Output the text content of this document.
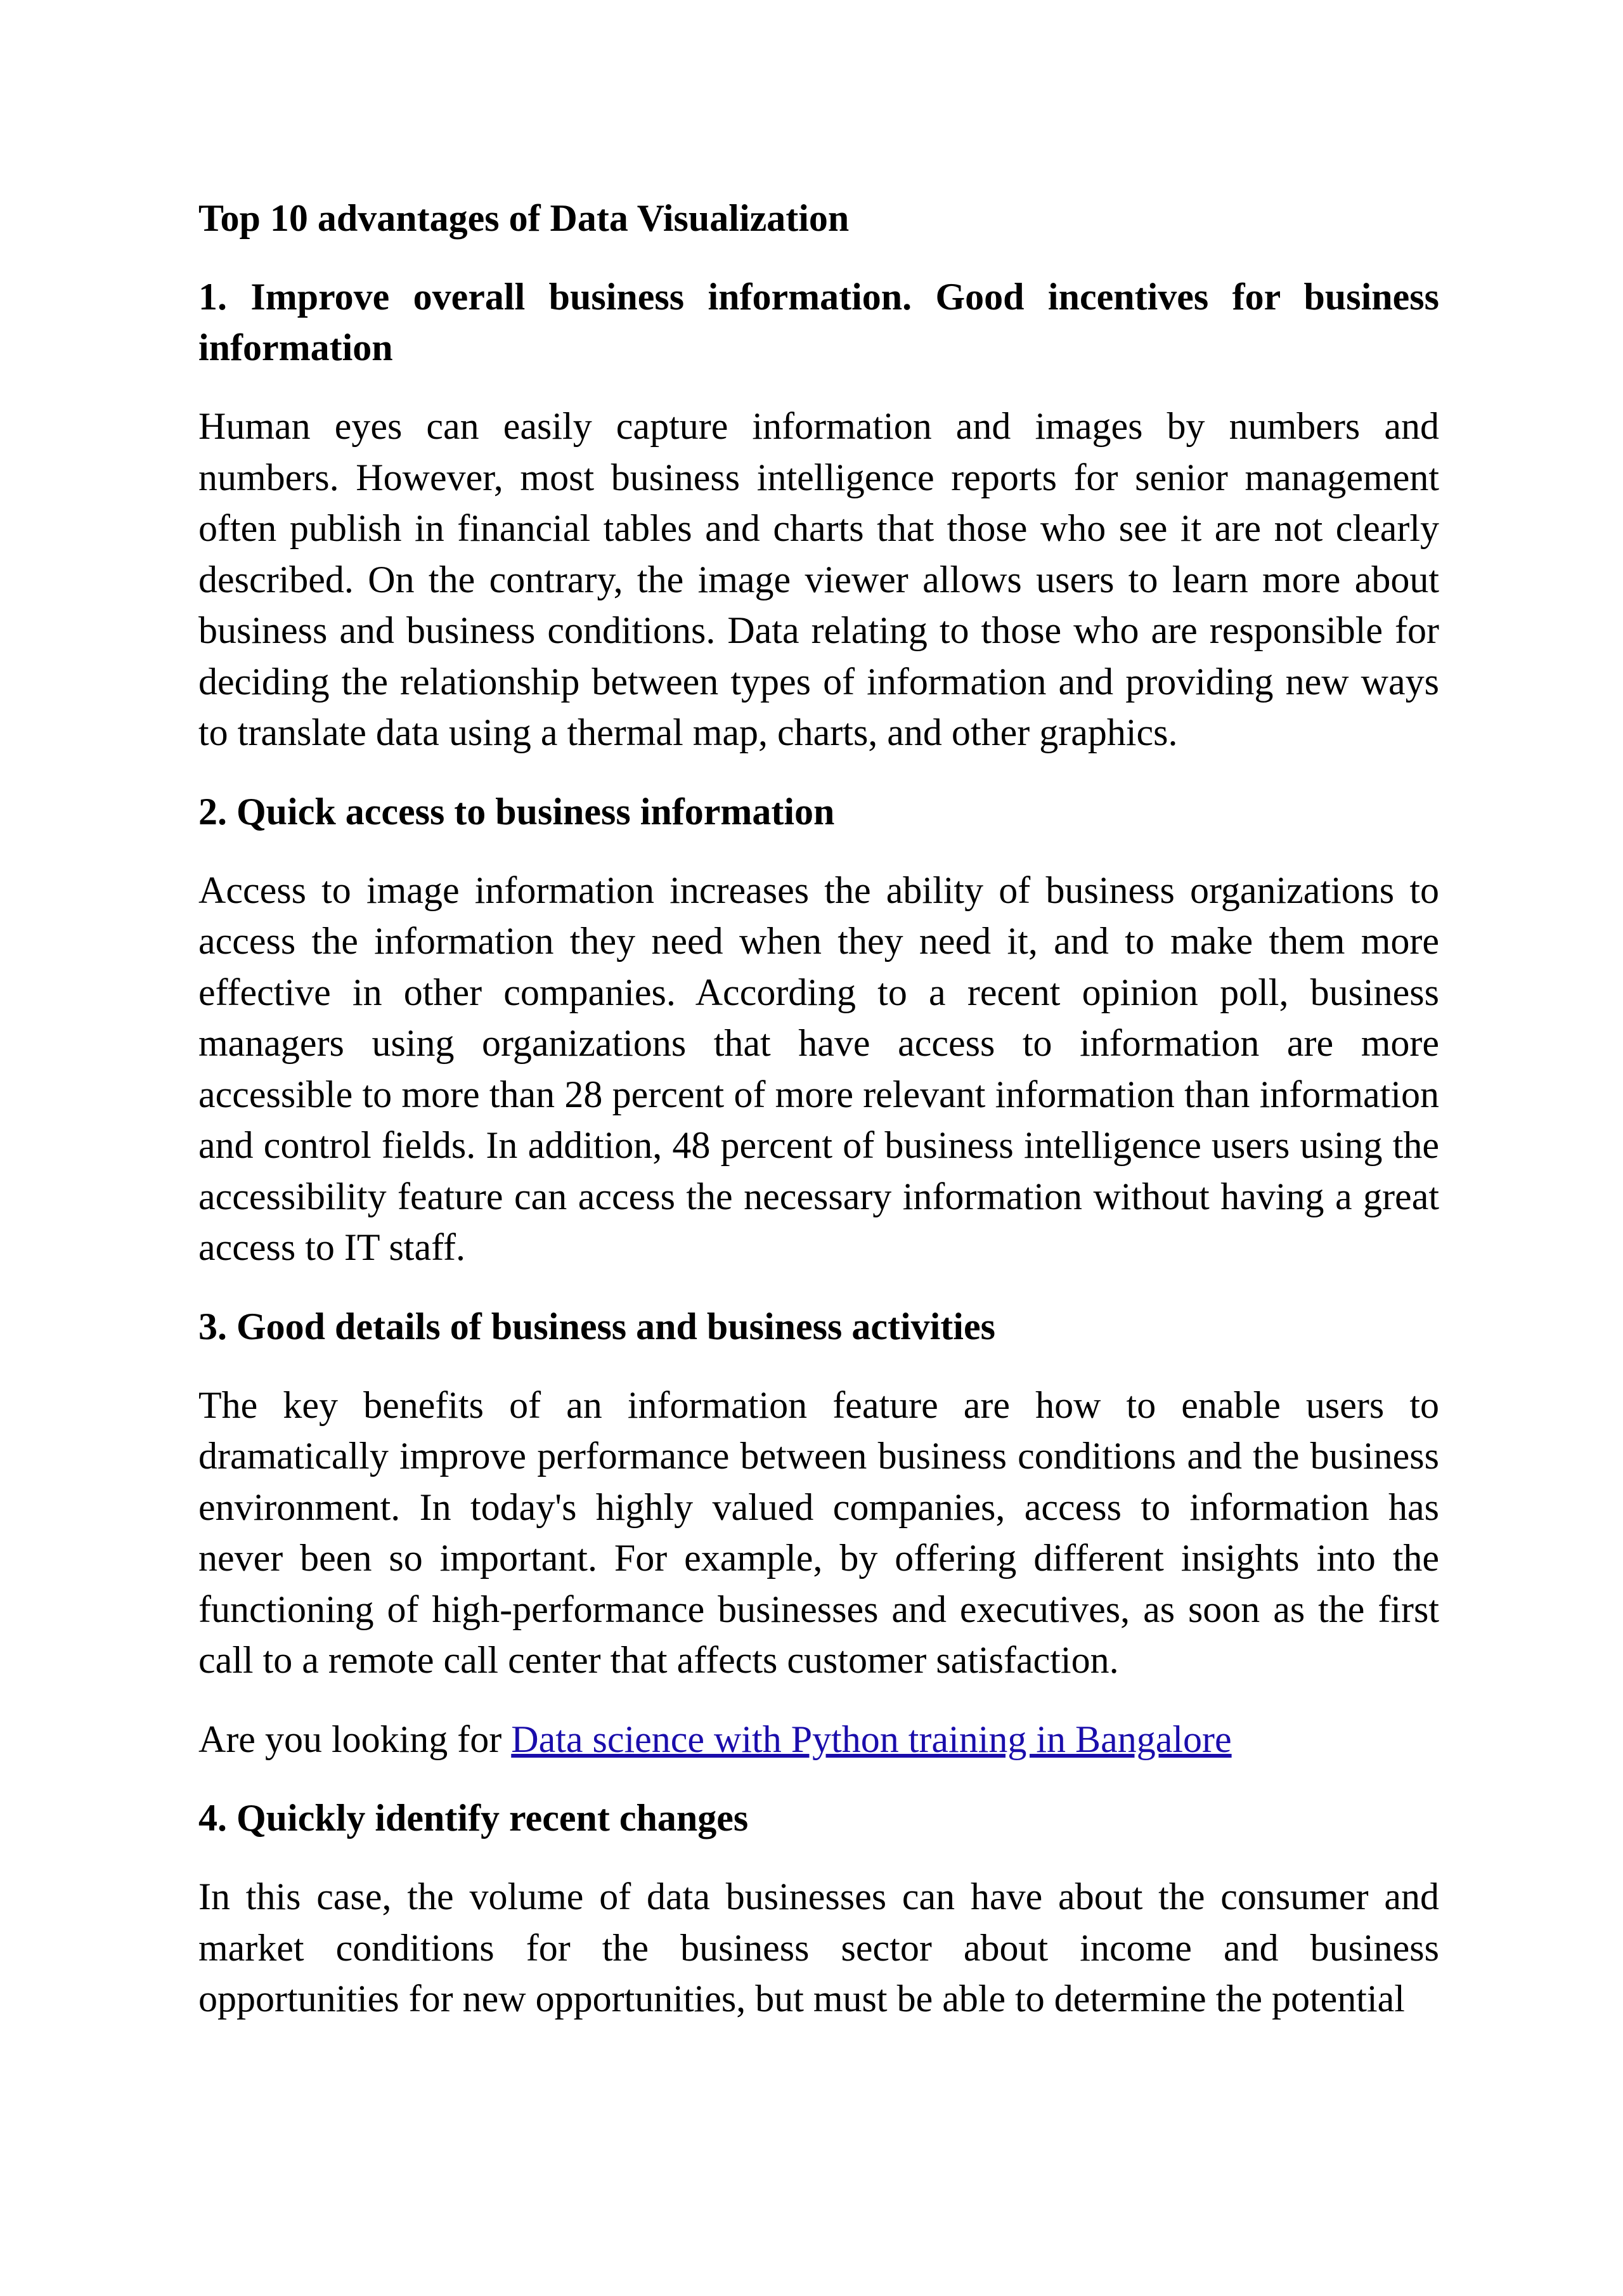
Top 10 advantages of Data Visualization
1. Improve overall business information. Good incentives for business information
Human eyes can easily capture information and images by numbers and numbers. However, most business intelligence reports for senior management often publish in financial tables and charts that those who see it are not clearly described. On the contrary, the image viewer allows users to learn more about business and business conditions. Data relating to those who are responsible for deciding the relationship between types of information and providing new ways to translate data using a thermal map, charts, and other graphics.
2. Quick access to business information
Access to image information increases the ability of business organizations to access the information they need when they need it, and to make them more effective in other companies. According to a recent opinion poll, business managers using organizations that have access to information are more accessible to more than 28 percent of more relevant information than information and control fields. In addition, 48 percent of business intelligence users using the accessibility feature can access the necessary information without having a great access to IT staff.
3. Good details of business and business activities
The key benefits of an information feature are how to enable users to dramatically improve performance between business conditions and the business environment. In today's highly valued companies, access to information has never been so important. For example, by offering different insights into the functioning of high-performance businesses and executives, as soon as the first call to a remote call center that affects customer satisfaction.
Are you looking for Data science with Python training in Bangalore
4. Quickly identify recent changes
In this case, the volume of data businesses can have about the consumer and market conditions for the business sector about income and business opportunities for new opportunities, but must be able to determine the potential
